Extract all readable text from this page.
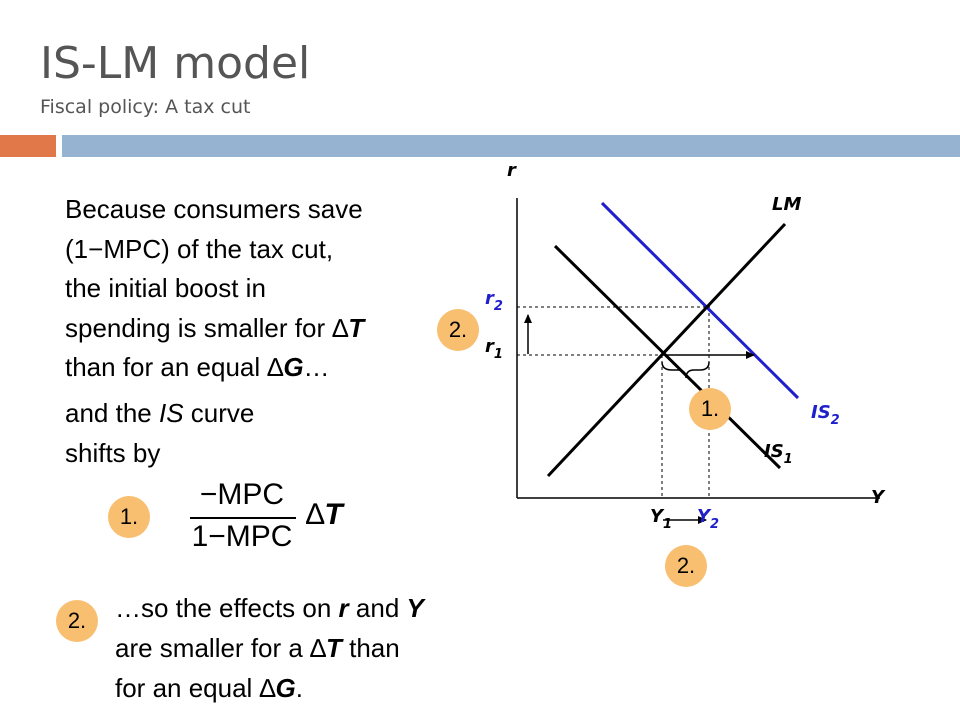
IS-LM model
Fiscal policy: A tax cut
Because consumers save
(1−MPC) of the tax cut,
the initial boost in
spending is smaller for ∆T
than for an equal ∆G…
and the IS curve
shifts by
1.
−MPC
1−MPC
∆T
2.	…so the effects on r and Y
are smaller for a ∆T than
for an equal ∆G.
r
Y
LM
$IS_1$
$IS_2$
$r_2$
$r_1$
$Y_1$ $Y_2$
2.
1.
2.
